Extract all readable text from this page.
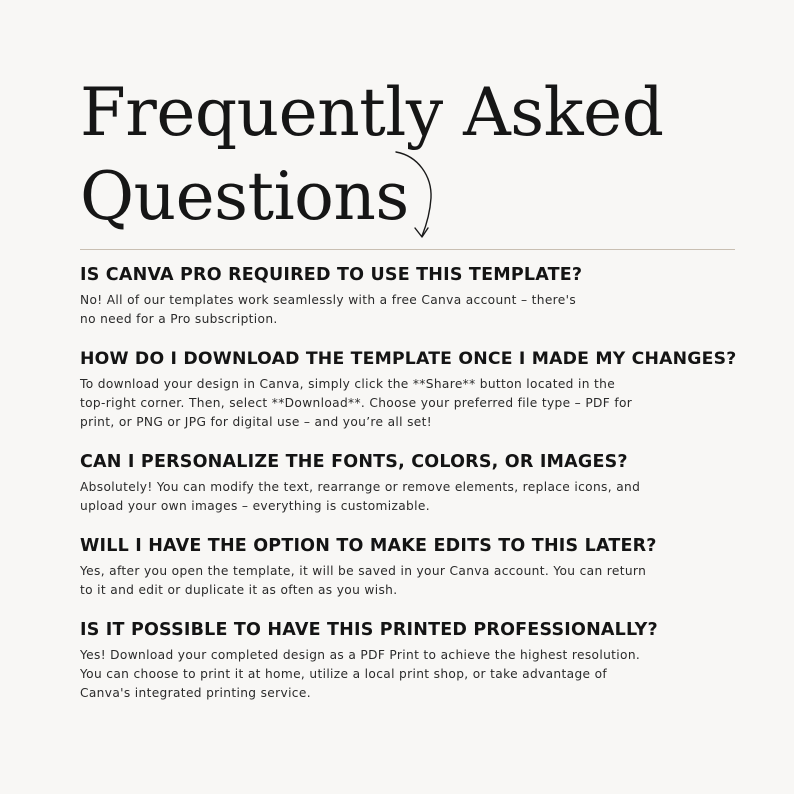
Frequently Asked
Questions
IS CANVA PRO REQUIRED TO USE THIS TEMPLATE?

No! All of our templates work seamlessly with a free Canva account – there's
no need for a Pro subscription.

HOW DO I DOWNLOAD THE TEMPLATE ONCE I MADE MY CHANGES?

To download your design in Canva, simply click the **Share** button located in the
top-right corner. Then, select **Download**. Choose your preferred file type – PDF for
print, or PNG or JPG for digital use – and you’re all set!

CAN I PERSONALIZE THE FONTS, COLORS, OR IMAGES?

Absolutely! You can modify the text, rearrange or remove elements, replace icons, and
upload your own images – everything is customizable.

WILL I HAVE THE OPTION TO MAKE EDITS TO THIS LATER?

Yes, after you open the template, it will be saved in your Canva account. You can return
to it and edit or duplicate it as often as you wish.

IS IT POSSIBLE TO HAVE THIS PRINTED PROFESSIONALLY?

Yes! Download your completed design as a PDF Print to achieve the highest resolution.
You can choose to print it at home, utilize a local print shop, or take advantage of
Canva's integrated printing service.
